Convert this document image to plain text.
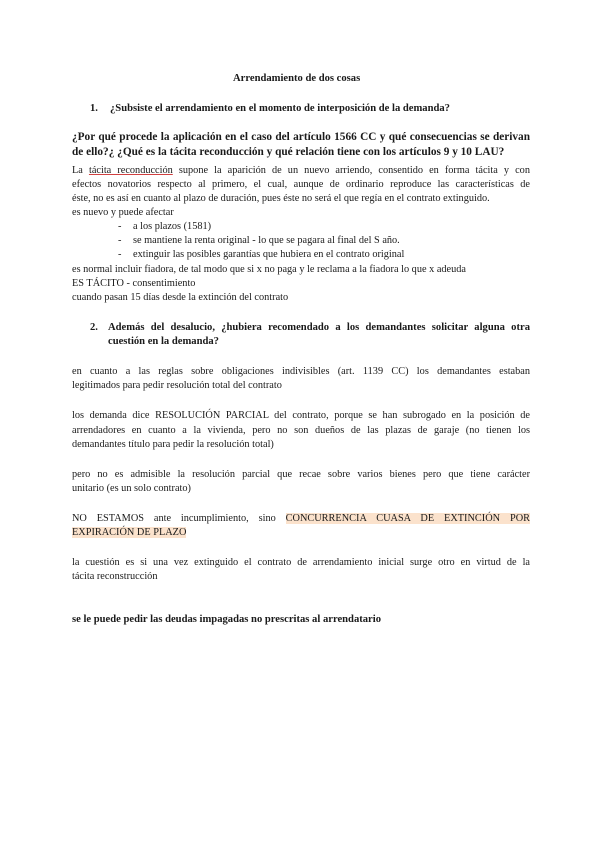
Arrendamiento de dos cosas
1. ¿Subsiste el arrendamiento en el momento de interposición de la demanda?
¿Por qué procede la aplicación en el caso del artículo 1566 CC y qué consecuencias se derivan
de ello?¿ ¿Qué es la tácita reconducción y qué relación tiene con los artículos 9 y 10 LAU?
La tácita reconducción supone la aparición de un nuevo arriendo, consentido en forma tácita y con
efectos novatorios respecto al primero, el cual, aunque de ordinario reproduce las características de
éste, no es así en cuanto al plazo de duración, pues éste no será el que regía en el contrato extinguido.
es nuevo y puede afectar
- a los plazos (1581)
- se mantiene la renta original - lo que se pagara al final del S año.
- extinguir las posibles garantías que hubiera en el contrato original
es normal incluir fiadora, de tal modo que si x no paga y le reclama a la fiadora lo que x adeuda
ES TÁCITO - consentimiento
cuando pasan 15 días desde la extinción del contrato
2. Además del desalucio, ¿hubiera recomendado a los demandantes solicitar alguna otra
cuestión en la demanda?
en cuanto a las reglas sobre obligaciones indivisibles (art. 1139 CC) los demandantes estaban
legitimados para pedir resolución total del contrato
los demanda dice RESOLUCIÓN PARCIAL del contrato, porque se han subrogado en la posición de
arrendadores en cuanto a la vivienda, pero no son dueños de las plazas de garaje (no tienen los
demandantes título para pedir la resolución total)
pero no es admisible la resolución parcial que recae sobre varios bienes pero que tiene carácter
unitario (es un solo contrato)
NO ESTAMOS ante incumplimiento, sino CONCURRENCIA CUASA DE EXTINCIÓN POR
EXPIRACIÓN DE PLAZO
la cuestión es si una vez extinguido el contrato de arrendamiento inicial surge otro en virtud de la
tácita reconstrucción
se le puede pedir las deudas impagadas no prescritas al arrendatario
